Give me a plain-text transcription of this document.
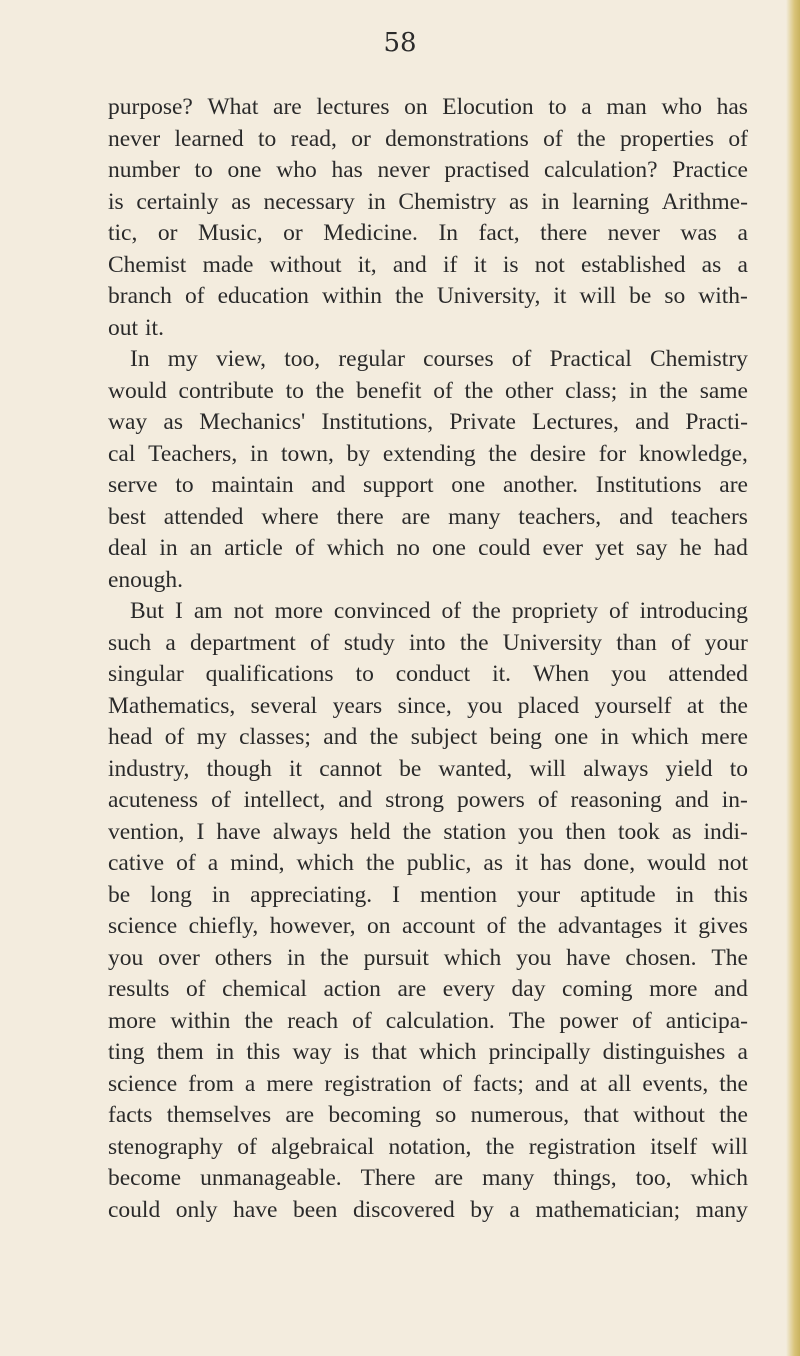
58
purpose? What are lectures on Elocution to a man who has
never learned to read, or demonstrations of the properties of
number to one who has never practised calculation? Practice
is certainly as necessary in Chemistry as in learning Arithme-
tic, or Music, or Medicine. In fact, there never was a
Chemist made without it, and if it is not established as a
branch of education within the University, it will be so with-
out it.
In my view, too, regular courses of Practical Chemistry
would contribute to the benefit of the other class; in the same
way as Mechanics' Institutions, Private Lectures, and Practi-
cal Teachers, in town, by extending the desire for knowledge,
serve to maintain and support one another. Institutions are
best attended where there are many teachers, and teachers
deal in an article of which no one could ever yet say he had
enough.
But I am not more convinced of the propriety of introducing
such a department of study into the University than of your
singular qualifications to conduct it. When you attended
Mathematics, several years since, you placed yourself at the
head of my classes; and the subject being one in which mere
industry, though it cannot be wanted, will always yield to
acuteness of intellect, and strong powers of reasoning and in-
vention, I have always held the station you then took as indi-
cative of a mind, which the public, as it has done, would not
be long in appreciating. I mention your aptitude in this
science chiefly, however, on account of the advantages it gives
you over others in the pursuit which you have chosen. The
results of chemical action are every day coming more and
more within the reach of calculation. The power of anticipa-
ting them in this way is that which principally distinguishes a
science from a mere registration of facts; and at all events, the
facts themselves are becoming so numerous, that without the
stenography of algebraical notation, the registration itself will
become unmanageable. There are many things, too, which
could only have been discovered by a mathematician; many
